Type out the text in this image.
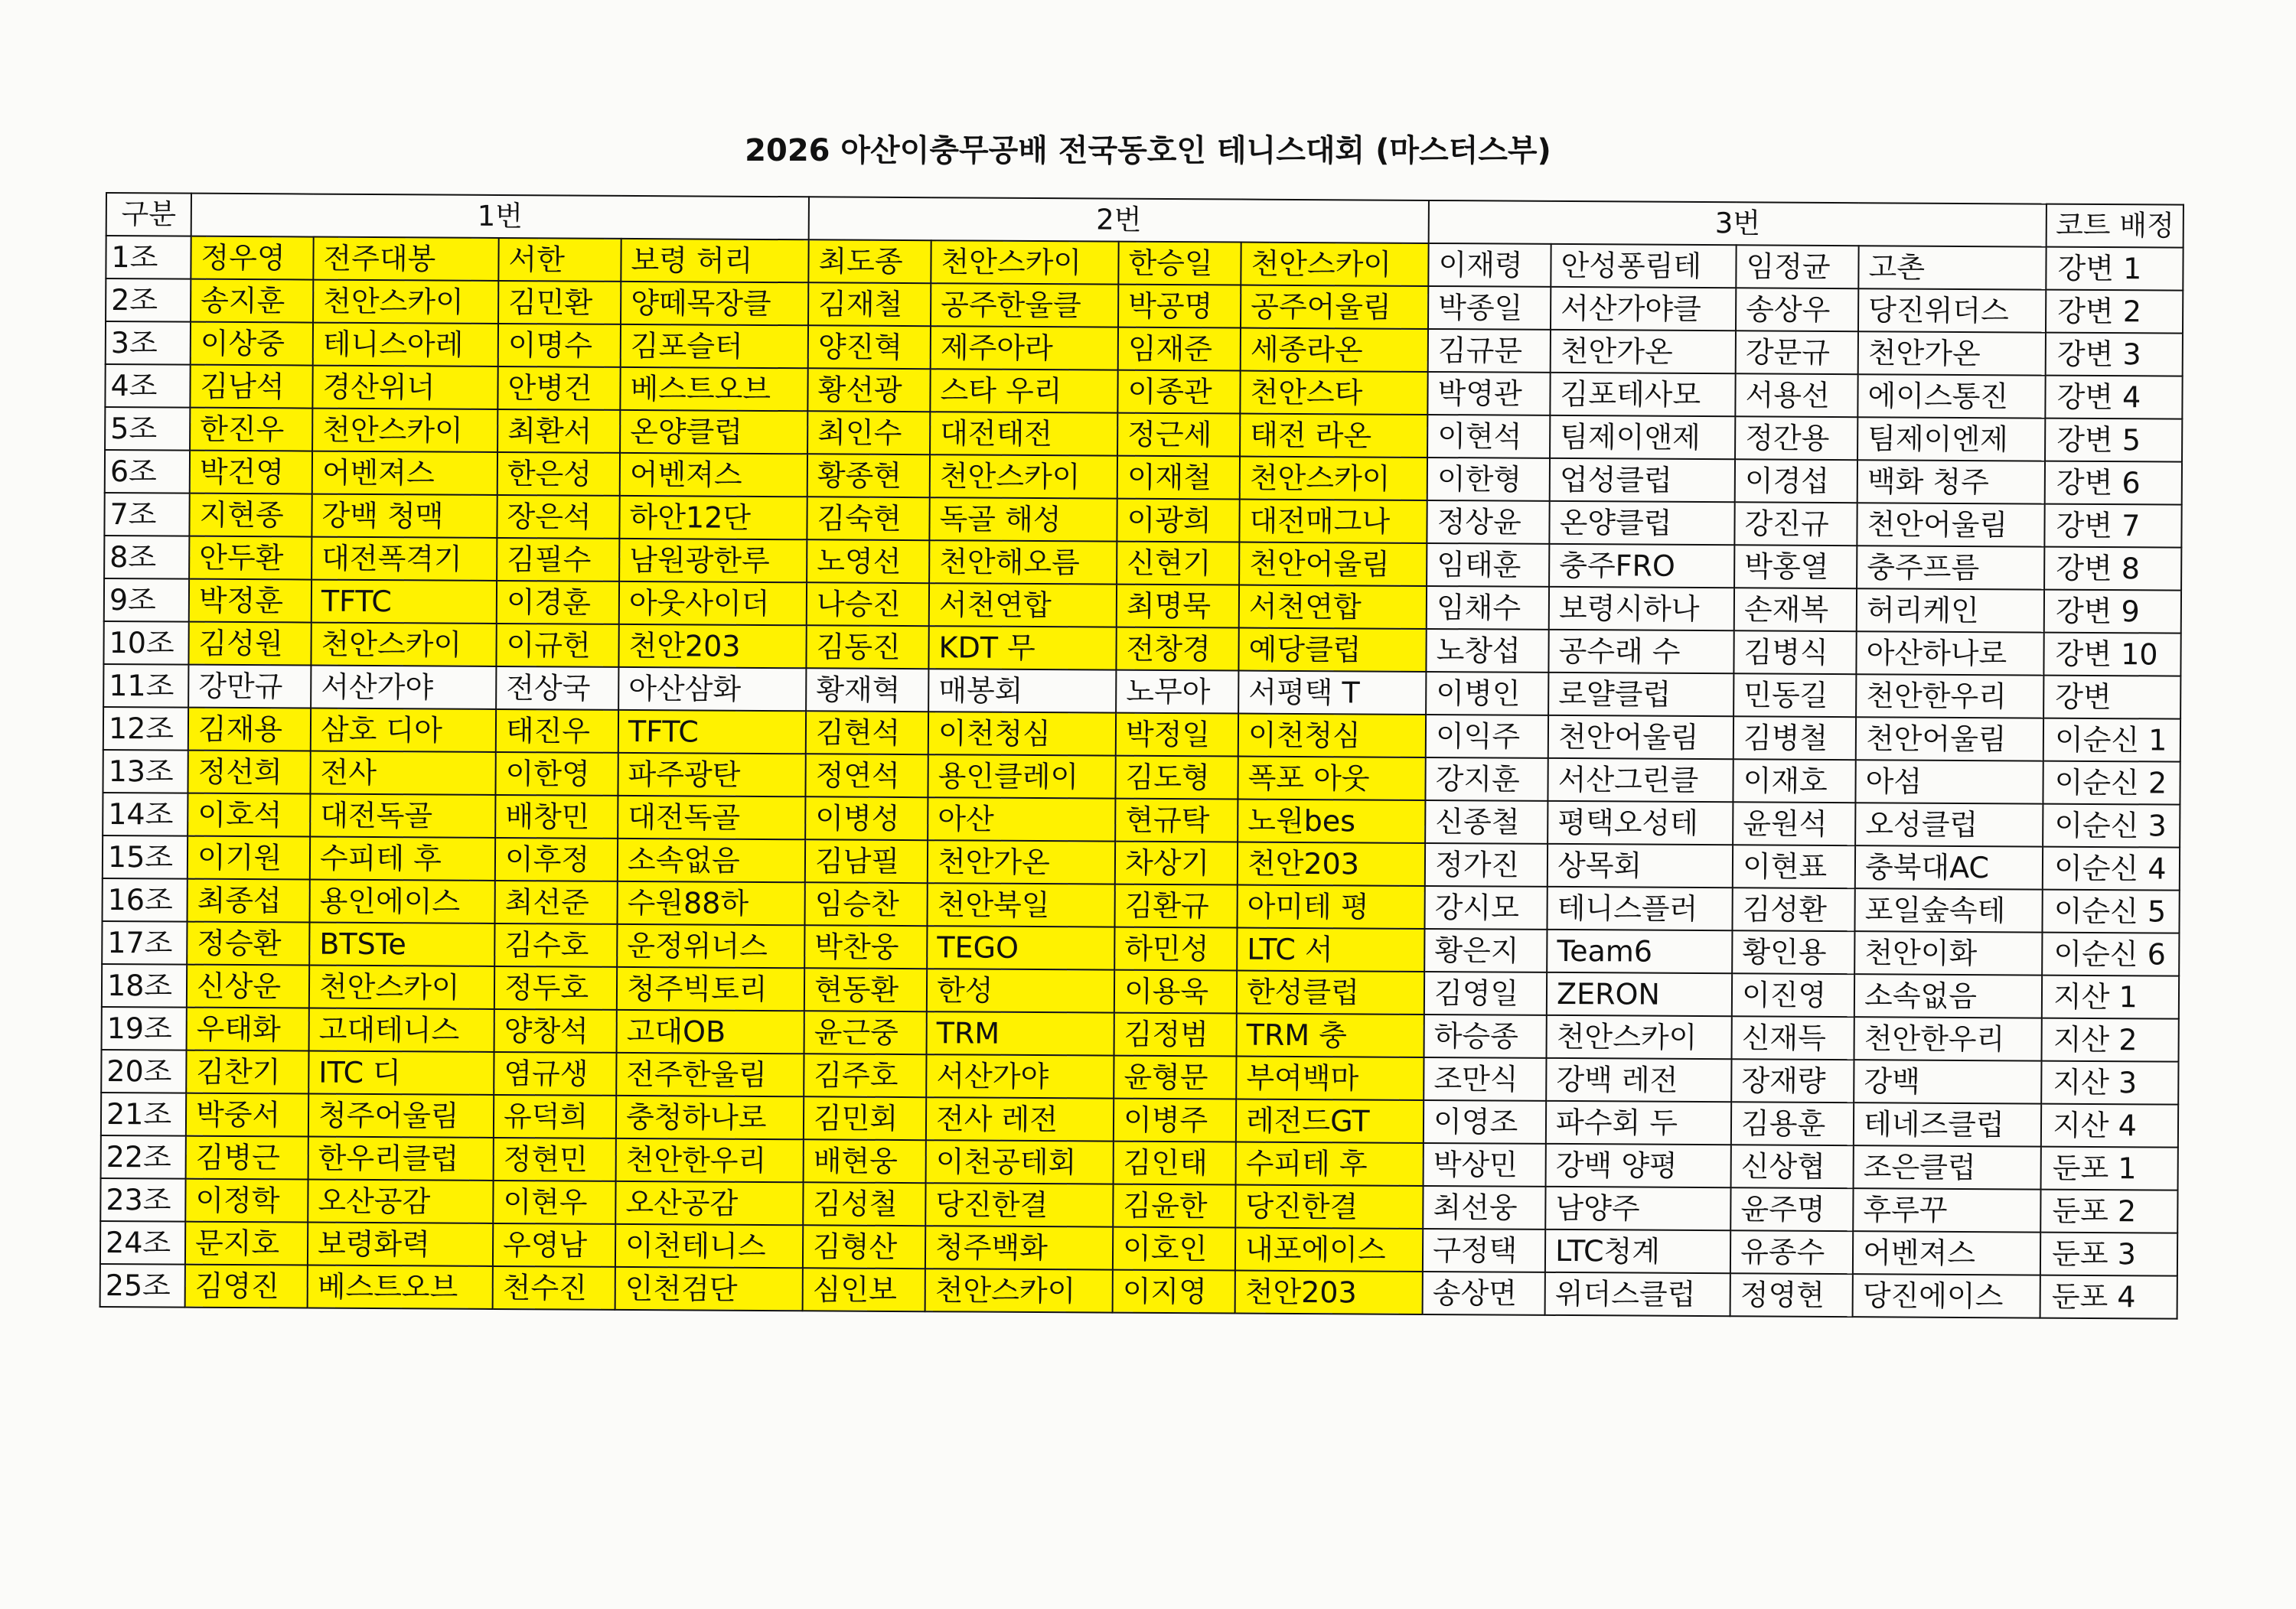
2026 아산이충무공배 전국동호인 테니스대회 (마스터스부)
구분	1번				2번				3번				코트 배정
1조	정우영	전주대봉	서한	보령 허리	최도종	천안스카이	한승일	천안스카이	이재령	안성퐁림테	임정균	고촌	강변 1
2조	송지훈	천안스카이	김민환	양떼목장클	김재철	공주한울클	박공명	공주어울림	박종일	서산가야클	송상우	당진위더스	강변 2
3조	이상중	테니스아레	이명수	김포슬터	양진혁	제주아라	임재준	세종라온	김규문	천안가온	강문규	천안가온	강변 3
4조	김남석	경산위너	안병건	베스트오브	황선광	스타 우리	이종관	천안스타	박영관	김포테사모	서용선	에이스통진	강변 4
5조	한진우	천안스카이	최환서	온양클럽	최인수	대전태전	정근세	태전 라온	이현석	팀제이앤제	정간용	팀제이엔제	강변 5
6조	박건영	어벤져스	한은성	어벤져스	황종현	천안스카이	이재철	천안스카이	이한형	업성클럽	이경섭	백화 청주	강변 6
7조	지현종	강백 청맥	장은석	하안12단	김숙현	독골 해성	이광희	대전매그나	정상윤	온양클럽	강진규	천안어울림	강변 7
8조	안두환	대전폭격기	김필수	남원광한루	노영선	천안해오름	신현기	천안어울림	임태훈	충주FRO	박홍열	충주프름	강변 8
9조	박정훈	TFTC	이경훈	아웃사이더	나승진	서천연합	최명묵	서천연합	임채수	보령시하나	손재복	허리케인	강변 9
10조	김성원	천안스카이	이규헌	천안203	김동진	KDT 무	전창경	예당클럽	노창섭	공수래 수	김병식	아산하나로	강변 10
11조	강만규	서산가야	전상국	아산삼화	황재혁	매봉회	노무아	서평택 T	이병인	로얄클럽	민동길	천안한우리	강변
12조	김재용	삼호 디아	태진우	TFTC	김현석	이천청심	박정일	이천청심	이익주	천안어울림	김병철	천안어울림	이순신 1
13조	정선희	전사	이한영	파주광탄	정연석	용인클레이	김도형	폭포 아웃	강지훈	서산그린클	이재호	아섬	이순신 2
14조	이호석	대전독골	배창민	대전독골	이병성	아산	현규탁	노원bes	신종철	평택오성테	윤원석	오성클럽	이순신 3
15조	이기원	수피테 후	이후정	소속없음	김남필	천안가온	차상기	천안203	정가진	상목회	이현표	충북대AC	이순신 4
16조	최종섭	용인에이스	최선준	수원88하	임승찬	천안북일	김환규	아미테 평	강시모	테니스플러	김성환	포일숲속테	이순신 5
17조	정승환	BTSTe	김수호	운정위너스	박찬웅	TEGO	하민성	LTC 서	황은지	Team6	황인용	천안이화	이순신 6
18조	신상운	천안스카이	정두호	청주빅토리	현동환	한성	이용욱	한성클럽	김영일	ZERON	이진영	소속없음	지산 1
19조	우태화	고대테니스	양창석	고대OB	윤근중	TRM	김정범	TRM 충	하승종	천안스카이	신재득	천안한우리	지산 2
20조	김찬기	ITC 디	염규생	전주한울림	김주호	서산가야	윤형문	부여백마	조만식	강백 레전	장재량	강백	지산 3
21조	박중서	청주어울림	유덕희	충청하나로	김민회	전사 레전	이병주	레전드GT	이영조	파수회 두	김용훈	테네즈클럽	지산 4
22조	김병근	한우리클럽	정현민	천안한우리	배현웅	이천공테회	김인태	수피테 후	박상민	강백 양평	신상협	조은클럽	둔포 1
23조	이정학	오산공감	이현우	오산공감	김성철	당진한결	김윤한	당진한결	최선웅	남양주	윤주명	후루꾸	둔포 2
24조	문지호	보령화력	우영남	이천테니스	김형산	청주백화	이호인	내포에이스	구정택	LTC청계	유종수	어벤져스	둔포 3
25조	김영진	베스트오브	천수진	인천검단	심인보	천안스카이	이지영	천안203	송상면	위더스클럽	정영현	당진에이스	둔포 4
